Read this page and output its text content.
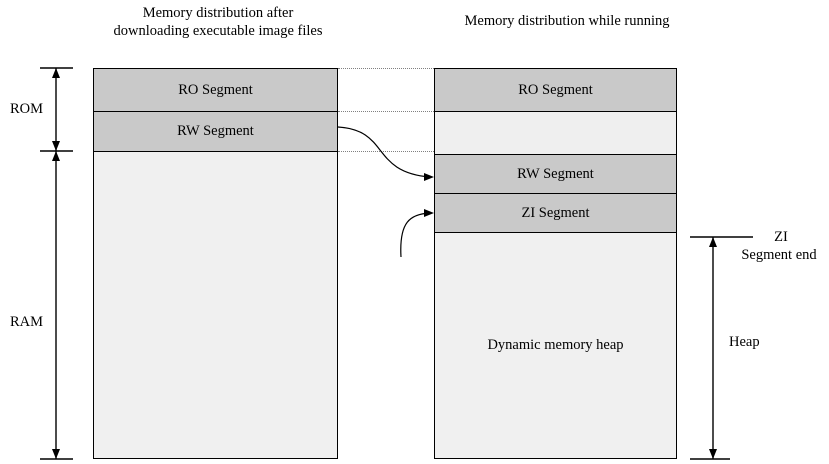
Memory distribution after downloading executable image files
Memory distribution while running
RO Segment
RW Segment
RO Segment
RW Segment
ZI Segment
Dynamic memory heap
ROM
RAM
ZI
Segment end
Heap
